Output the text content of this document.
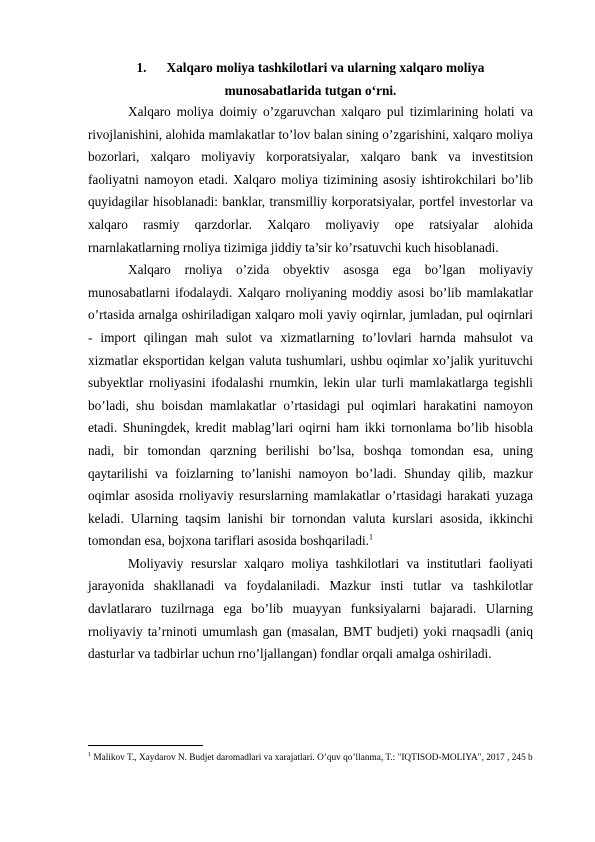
1. Xalqaro moliya tashkilotlari va ularning xalqaro moliya
munosabatlarida tutgan o‘rni.

Xalqaro moliya doimiy o’zgaruvchan xalqaro pul tizimlarining holati va rivojlanishini, alohida mamlakatlar to’lov balan sining o’zgarishini, xalqaro moliya bozorlari, xalqaro moliyaviy korporatsiyalar, xalqaro bank va investitsion faoliyatni namoyon etadi. Xalqaro moliya tizimining asosiy ishtirokchilari bo’lib quyidagilar hisoblanadi: banklar, transmilliy korporatsiyalar, portfel investorlar va xalqaro rasmiy qarzdorlar. Xalqaro moliyaviy ope ratsiyalar alohida rnarnlakatlarning rnoliya tizimiga jiddiy ta’sir ko’rsatuvchi kuch hisoblanadi.

Xalqaro rnoliya o’zida obyektiv asosga ega bo’lgan moliyaviy munosabatlarni ifodalaydi. Xalqaro rnoliyaning moddiy asosi bo’lib mamlakatlar o’rtasida arnalga oshiriladigan xalqaro moli yaviy oqirnlar, jumladan, pul oqirnlari - import qilingan mah sulot va xizmatlarning to’lovlari harnda mahsulot va xizmatlar eksportidan kelgan valuta tushumlari, ushbu oqimlar xo’jalik yurituvchi subyektlar rnoliyasini ifodalashi rnumkin, lekin ular turli mamlakatlarga tegishli bo’ladi, shu boisdan mamlakatlar o’rtasidagi pul oqimlari harakatini namoyon etadi. Shuningdek, kredit mablag’lari oqirni ham ikki tornonlama bo’lib hisobla nadi, bir tomondan qarzning berilishi bo’lsa, boshqa tomondan esa, uning qaytarilishi va foizlarning to’lanishi namoyon bo’ladi. Shunday qilib, mazkur oqimlar asosida rnoliyaviy resurslarning mamlakatlar o’rtasidagi harakati yuzaga keladi. Ularning taqsim lanishi bir tornondan valuta kurslari asosida, ikkinchi tomondan esa, bojxona tariflari asosida boshqariladi.$^1$

Moliyaviy resurslar xalqaro moliya tashkilotlari va institutlari faoliyati jarayonida shakllanadi va foydalaniladi. Mazkur insti tutlar va tashkilotlar davlatlararo tuzilrnaga ega bo’lib muayyan funksiyalarni bajaradi. Ularning rnoliyaviy ta’rninoti umumlash gan (masalan, BMT budjeti) yoki rnaqsadli (aniq dasturlar va tadbirlar uchun rno’ljallangan) fondlar orqali amalga oshiriladi.

$^1$ Malikov T., Xaydarov N. Budjet daromadlari va xarajatlari. O’quv qo’llanma, T.: "IQTISOD-MOLIYA", 2017 , 245 b
